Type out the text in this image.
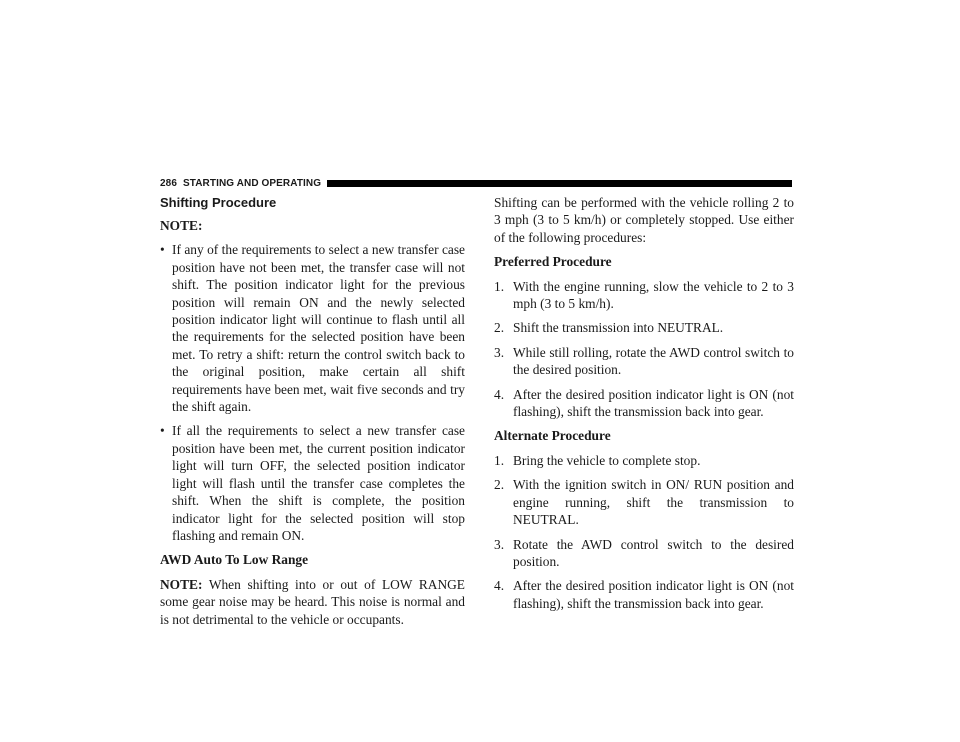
286 STARTING AND OPERATING
Shifting Procedure

NOTE:

• If any of the requirements to select a new transfer case position have not been met, the transfer case will not shift. The position indicator light for the previous position will remain ON and the newly selected position indicator light will continue to flash until all the requirements for the selected position have been met. To retry a shift: return the control switch back to the original position, make certain all shift requirements have been met, wait five seconds and try the shift again.
• If all the requirements to select a new transfer case position have been met, the current position indicator light will turn OFF, the selected position indicator light will flash until the transfer case completes the shift. When the shift is complete, the position indicator light for the selected position will stop flashing and remain ON.
AWD Auto To Low Range

NOTE: When shifting into or out of LOW RANGE some gear noise may be heard. This noise is normal and is not detrimental to the vehicle or occupants.

Shifting can be performed with the vehicle rolling 2 to 3 mph (3 to 5 km/h) or completely stopped. Use either of the following procedures:

Preferred Procedure
1. With the engine running, slow the vehicle to 2 to 3 mph (3 to 5 km/h).
2. Shift the transmission into NEUTRAL.
3. While still rolling, rotate the AWD control switch to the desired position.
4. After the desired position indicator light is ON (not flashing), shift the transmission back into gear.
Alternate Procedure
1. Bring the vehicle to complete stop.
2. With the ignition switch in ON/ RUN position and engine running, shift the transmission to NEUTRAL.
3. Rotate the AWD control switch to the desired position.
4. After the desired position indicator light is ON (not flashing), shift the transmission back into gear.
